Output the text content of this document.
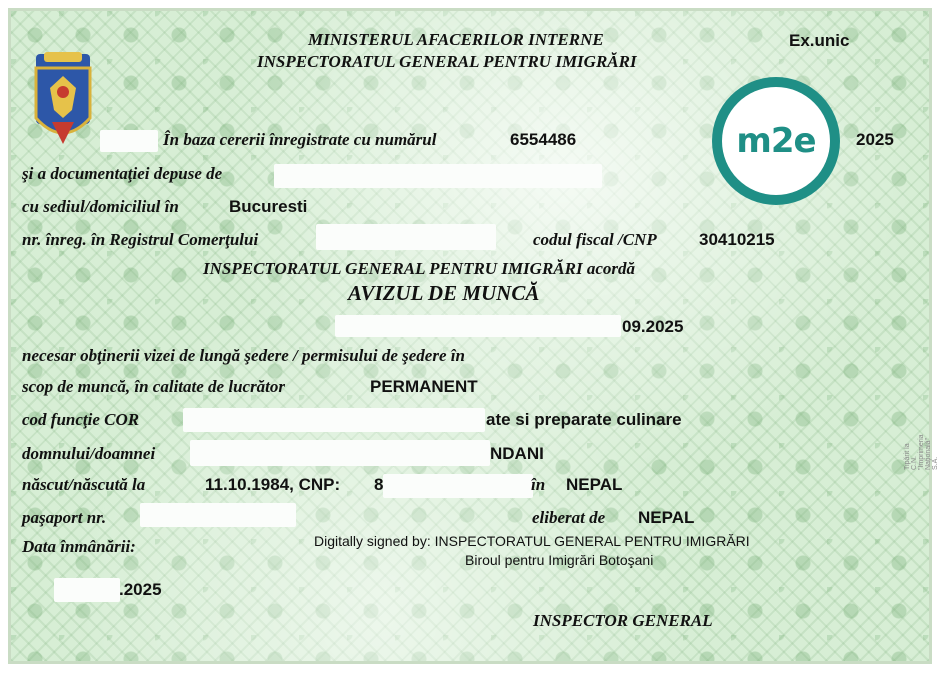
MINISTERUL AFACERILOR INTERNE
INSPECTORATUL GENERAL PENTRU IMIGRĂRI
Ex.unic
m2e
În baza cererii înregistrate cu numărul	6554486	2025
şi a documentaţiei depuse de
cu sediul/domiciliul în	Bucuresti
nr. înreg. în Registrul Comerţului	codul fiscal /CNP 30410215
INSPECTORATUL GENERAL PENTRU IMIGRĂRI acordă
AVIZUL DE MUNCĂ
09.2025
necesar obţinerii vizei de lungă şedere / permisului de şedere în
scop de muncă, în calitate de lucrător	PERMANENT
cod funcţie COR	ate si preparate culinare
domnului/doamnei	NDANI
născut/născută la	11.10.1984, CNP: 8	în NEPAL
paşaport nr.	eliberat de NEPAL
Data înmânării:
.2025
Digitally signed by: INSPECTORATUL GENERAL PENTRU IMIGRĂRI
Biroul pentru Imigrări Botoşani
INSPECTOR GENERAL
Tipărit la C.N. "Imprimeria Naţională" S.A.
